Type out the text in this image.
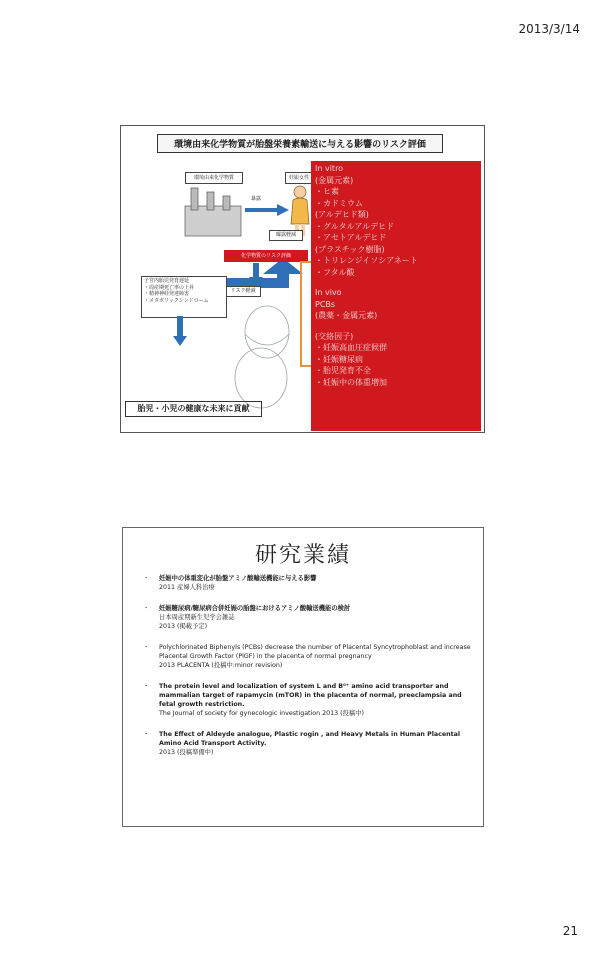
2013/3/14
環境由来化学物質が胎盤栄養素輸送に与える影響のリスク評価
環境由来化学物質
暴露
妊娠女性
曝露軽減
化学物質のリスク評価
リスク軽減
子宮内胎児発育遅延
・周産期死亡率の上昇
・精神神経発達障害
・メタボリックシンドローム
胎児・小児の健康な未来に貢献
In vitro
(金属元素)
・ヒ素
・カドミウム
(アルデヒド類)
・グルタルアルデヒド
・アセトアルデヒド
(プラスチック樹脂)
・トリレンジイソシアネート
・フタル酸
In vivo
PCBs
(農薬・金属元素)
(交絡因子)
・妊娠高血圧症候群
・妊娠糖尿病
・胎児発育不全
・妊娠中の体重増加
研究業績
・ 妊娠中の体重変化が胎盤アミノ酸輸送機能に与える影響
2011 産婦人科治療
・ 妊娠糖尿病/糖尿病合併妊娠の胎盤におけるアミノ酸輸送機能の検討
日本周産期新生児学会雑誌
2013 (掲載予定)
・ Polychlorinated Biphenyls (PCBs) decrease the number of Placental Syncytrophoblast and increase Placental Growth Factor (PlGF) in the placenta of normal pregnancy
2013 PLACENTA (投稿中:minor revision)
・ The protein level and localization of system L and B⁰⁺ amino acid transporter and mammalian target of rapamycin (mTOR) in the placenta of normal, preeclampsia and fetal growth restriction.
The Journal of society for gynecologic investigation 2013 (投稿中)
・ The Effect of Aldeyde analogue, Plastic rogin , and Heavy Metals in Human Placental Amino Acid Transport Activity.
2013 (投稿準備中)
21
